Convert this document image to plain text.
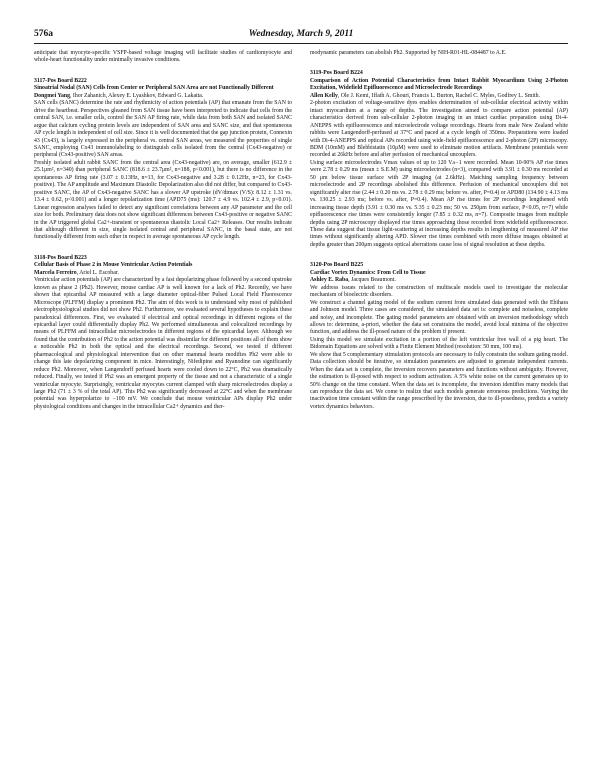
576a	Wednesday, March 9, 2011

anticipate that myocyte-specific VSFP-based voltage imaging will facilitate studies of cardiomyocyte and whole-heart functionality under minimally invasive conditions.

3117-Pos Board B222

Sinoatrial Nodal (SAN) Cells from Center or Peripheral SAN Area are not Functionally Different

Dongmei Yang, Ihor Zahanich, Alexey E. Lyashkov, Edward G. Lakatta.

SAN cells (SANC) determine the rate and rhythmicity of action potentials (AP) that emanate from the SAN to drive the heartbeat. Perspectives gleaned from SAN tissue have been interpreted to indicate that cells from the central SAN, i.e. smaller cells, control the SAN AP firing rate, while data from both SAN and isolated SANC argue that calcium cycling protein levels are independent of SAN area and SANC size, and that spontaneous AP cycle length is independent of cell size. Since it is well documented that the gap junction protein, Connexin 43 (Cx43), is largely expressed in the peripheral vs. central SAN areas, we measured the properties of single SANC, employing Cx43 immunolabeling to distinguish cells isolated from the central (Cx43-negative) or peripheral (Cx43-positive) SAN areas.

Freshly isolated adult rabbit SANC from the central area (Cx43-negative) are, on average, smaller (612.9 ± 25.1μm², n=340) than peripheral SANC (818.6 ± 23.7μm², n=188, p<0.001), but there is no difference in the spontaneous AP firing rate (3.07 ± 0.13Hz, n=13, for Cx43-negative and 3.28 ± 0.12Hz, n=23, for Cx43-positive). The AP amplitude and Maximum Diastolic Depolarization also did not differ, but compared to Cx43-positive SANC, the AP of Cx43-negative SANC has a slower AP upstroke (dV/dtmax (V/S): 8.12 ± 1.31 vs. 13.4 ± 0.62, p<0.001) and a longer repolarization time (APD75 (ms): 120.7 ± 4.9 vs. 102.4 ± 2.9, p<0.01). Linear regression analyses failed to detect any significant correlations between any AP parameter and the cell size for both. Preliminary data does not show significant differences between Cx43-positive or negative SANC in the AP triggered global Ca2+-transient or spontaneous diastolic Local Ca2+ Releases. Our results indicate that although different in size, single isolated central and peripheral SANC, in the basal state, are not functionally different from each other in respect to average spontaneous AP cycle length.

3118-Pos Board B223

Cellular Basis of Phase 2 in Mouse Ventricular Action Potentials

Marcela Ferreiro, Ariel L. Escobar.

Ventricular action potentials (AP) are characterized by a fast depolarizing phase followed by a second upstroke known as phase 2 (Ph2). However, mouse cardiac AP is well known for a lack of Ph2. Recently, we have shown that epicardial AP measured with a large diameter optical-fiber Pulsed Local Field Fluorescence Microscope (PLFFM) display a prominent Ph2. The aim of this work is to understand why most of published electrophysiological studies did not show Ph2. Furthermore, we evaluated several hypotheses to explain these paradoxical differences. First, we evaluated if electrical and optical recordings in different regions of the epicardial layer could differentially display Ph2. We performed simultaneous and colocalized recordings by means of PLFFM and intracellular microelectrodes in different regions of the epicardial layer. Although we found that the contribution of Ph2 to the action potential was dissimilar for different positions all of them show a noticeable Ph2 in both the optical and the electrical recordings. Second, we tested if different pharmacological and physiological intervention that on other mammal hearts modifies Ph2 were able to change this late depolarizing component in mice. Interestingly, Nifedipine and Ryanodine can significantly reduce Ph2. Moreover, when Langendorff perfused hearts were cooled down to 22°C, Ph2 was dramatically reduced. Finally, we tested if Ph2 was an emergent property of the tissue and not a characteristic of a single ventricular myocyte. Surprisingly, ventricular myocytes current clamped with sharp microelectrodes display a large Ph2 (71 ± 3 % of the total AP). This Ph2 was significantly decreased at 22°C and when the membrane potential was hyperpolarize to −100 mV. We conclude that mouse ventricular APs display Ph2 under physiological conditions and changes in the intracellular Ca2+ dynamics and ther-

modynamic parameters can abolish Ph2. Supported by NIH-R01-HL-084487 to A.E.

3119-Pos Board B224

Comparison of Action Potential Characteristics from Intact Rabbit Myocardium Using 2-Photon Excitation, Widefield Epifluorescence and Microelectrode Recordings

Allen Kelly, Ole J. Kemi, Iffath A. Ghouri, Francis L. Burton, Rachel C. Myles, Godfrey L. Smith.

2-photon excitation of voltage-sensitive dyes enables determination of sub-cellular electrical activity within intact myocardium at a range of depths. The investigation aimed to compare action potential (AP) characteristics derived from sub-cellular 2-photon imaging in an intact cardiac preparation using Di-4-ANEPPS with epifluorescence and microelectrode voltage recordings. Hearts from male New Zealand white rabbits were Langendorff-perfused at 37°C and paced at a cycle length of 350ms. Preparations were loaded with Di-4-ANEPPS and optical APs recorded using wide-field epifluorescence and 2-photon (2P) microscopy. BDM (10mM) and Blebbistatin (10μM) were used to eliminate motion artifacts. Membrane potentials were recorded at 26kHz before and after perfusion of mechanical uncouplers.

Using surface microelectrodes Vmax values of up to 120 V.s−1 were recorded. Mean 10-90% AP rise times were 2.78 ± 0.29 ms (mean ± S.E.M) using microelectrodes (n=3), compared with 3.91 ± 0.30 ms recorded at 50 μm below tissue surface with 2P imaging (at 2.6kHz). Matching sampling frequency between microelectrode and 2P recordings abolished this difference. Perfusion of mechanical uncouplers did not significantly alter rise (2.44 ± 0.20 ms vs. 2.78 ± 0.29 ms; before vs. after, P=0.4) or APD80 (134.90 ± 4.13 ms vs. 130.25 ± 2.93 ms; before vs. after, P=0.4). Mean AP rise times for 2P recordings lengthened with increasing tissue depth (3.91 ± 0.30 ms vs. 5.35 ± 0.23 ms; 50 vs. 250μm from surface, P<0.05, n=7) while epifluorescence rise times were consistently longer (7.85 ± 0.32 ms, n=7). Composite images from multiple depths using 2P microscopy displayed rise times approaching those recorded from widefield epifluorescence. These data suggest that tissue light-scattering at increasing depths results in lengthening of measured AP rise times without significantly altering APD. Slower rise times combined with more diffuse images obtained at depths greater than 200μm suggests optical aberrations cause loss of signal resolution at these depths.

3120-Pos Board B225

Cardiac Vortex Dynamics: From Cell to Tissue

Ashley E. Raba, Jacques Beaumont.

We address issues related to the construction of multiscale models used to investigate the molecular mechanism of bioelectric disorders.

We construct a channel gating model of the sodium current from simulated data generated with the Ebihara and Johnson model. Three cases are considered, the simulated data set is: complete and noiseless, complete and noisy, and incomplete. The gating model parameters are obtained with an inversion methodology which allows to: determine, a-priori, whether the data set constrains the model, avoid local minima of the objective function, and address the ill-posed nature of the problem if present.

Using this model we simulate excitation in a portion of the left ventricular free wall of a pig heart. The Bidomain Equations are solved with a Finite Element Method (resolution: 50 mm, 100 ms).

We show that 5 complementary stimulation protocols are necessary to fully constrain the sodium gating model. Data collection should be iterative, so simulation parameters are adjusted to generate independent currents. When the data set is complete, the inversion recovers parameters and functions without ambiguity. However, the estimation is ill-posed with respect to sodium activation. A 5% white noise on the current generates up to 50% change on the time constant. When the data set is incomplete, the inversion identifies many models that can reproduce the data set. We come to realize that such models generate erroneous predictions. Varying the inactivation time constant within the range prescribed by the inversion, due to ill-posedness, predicts a variety vortex dynamics behaviors.
